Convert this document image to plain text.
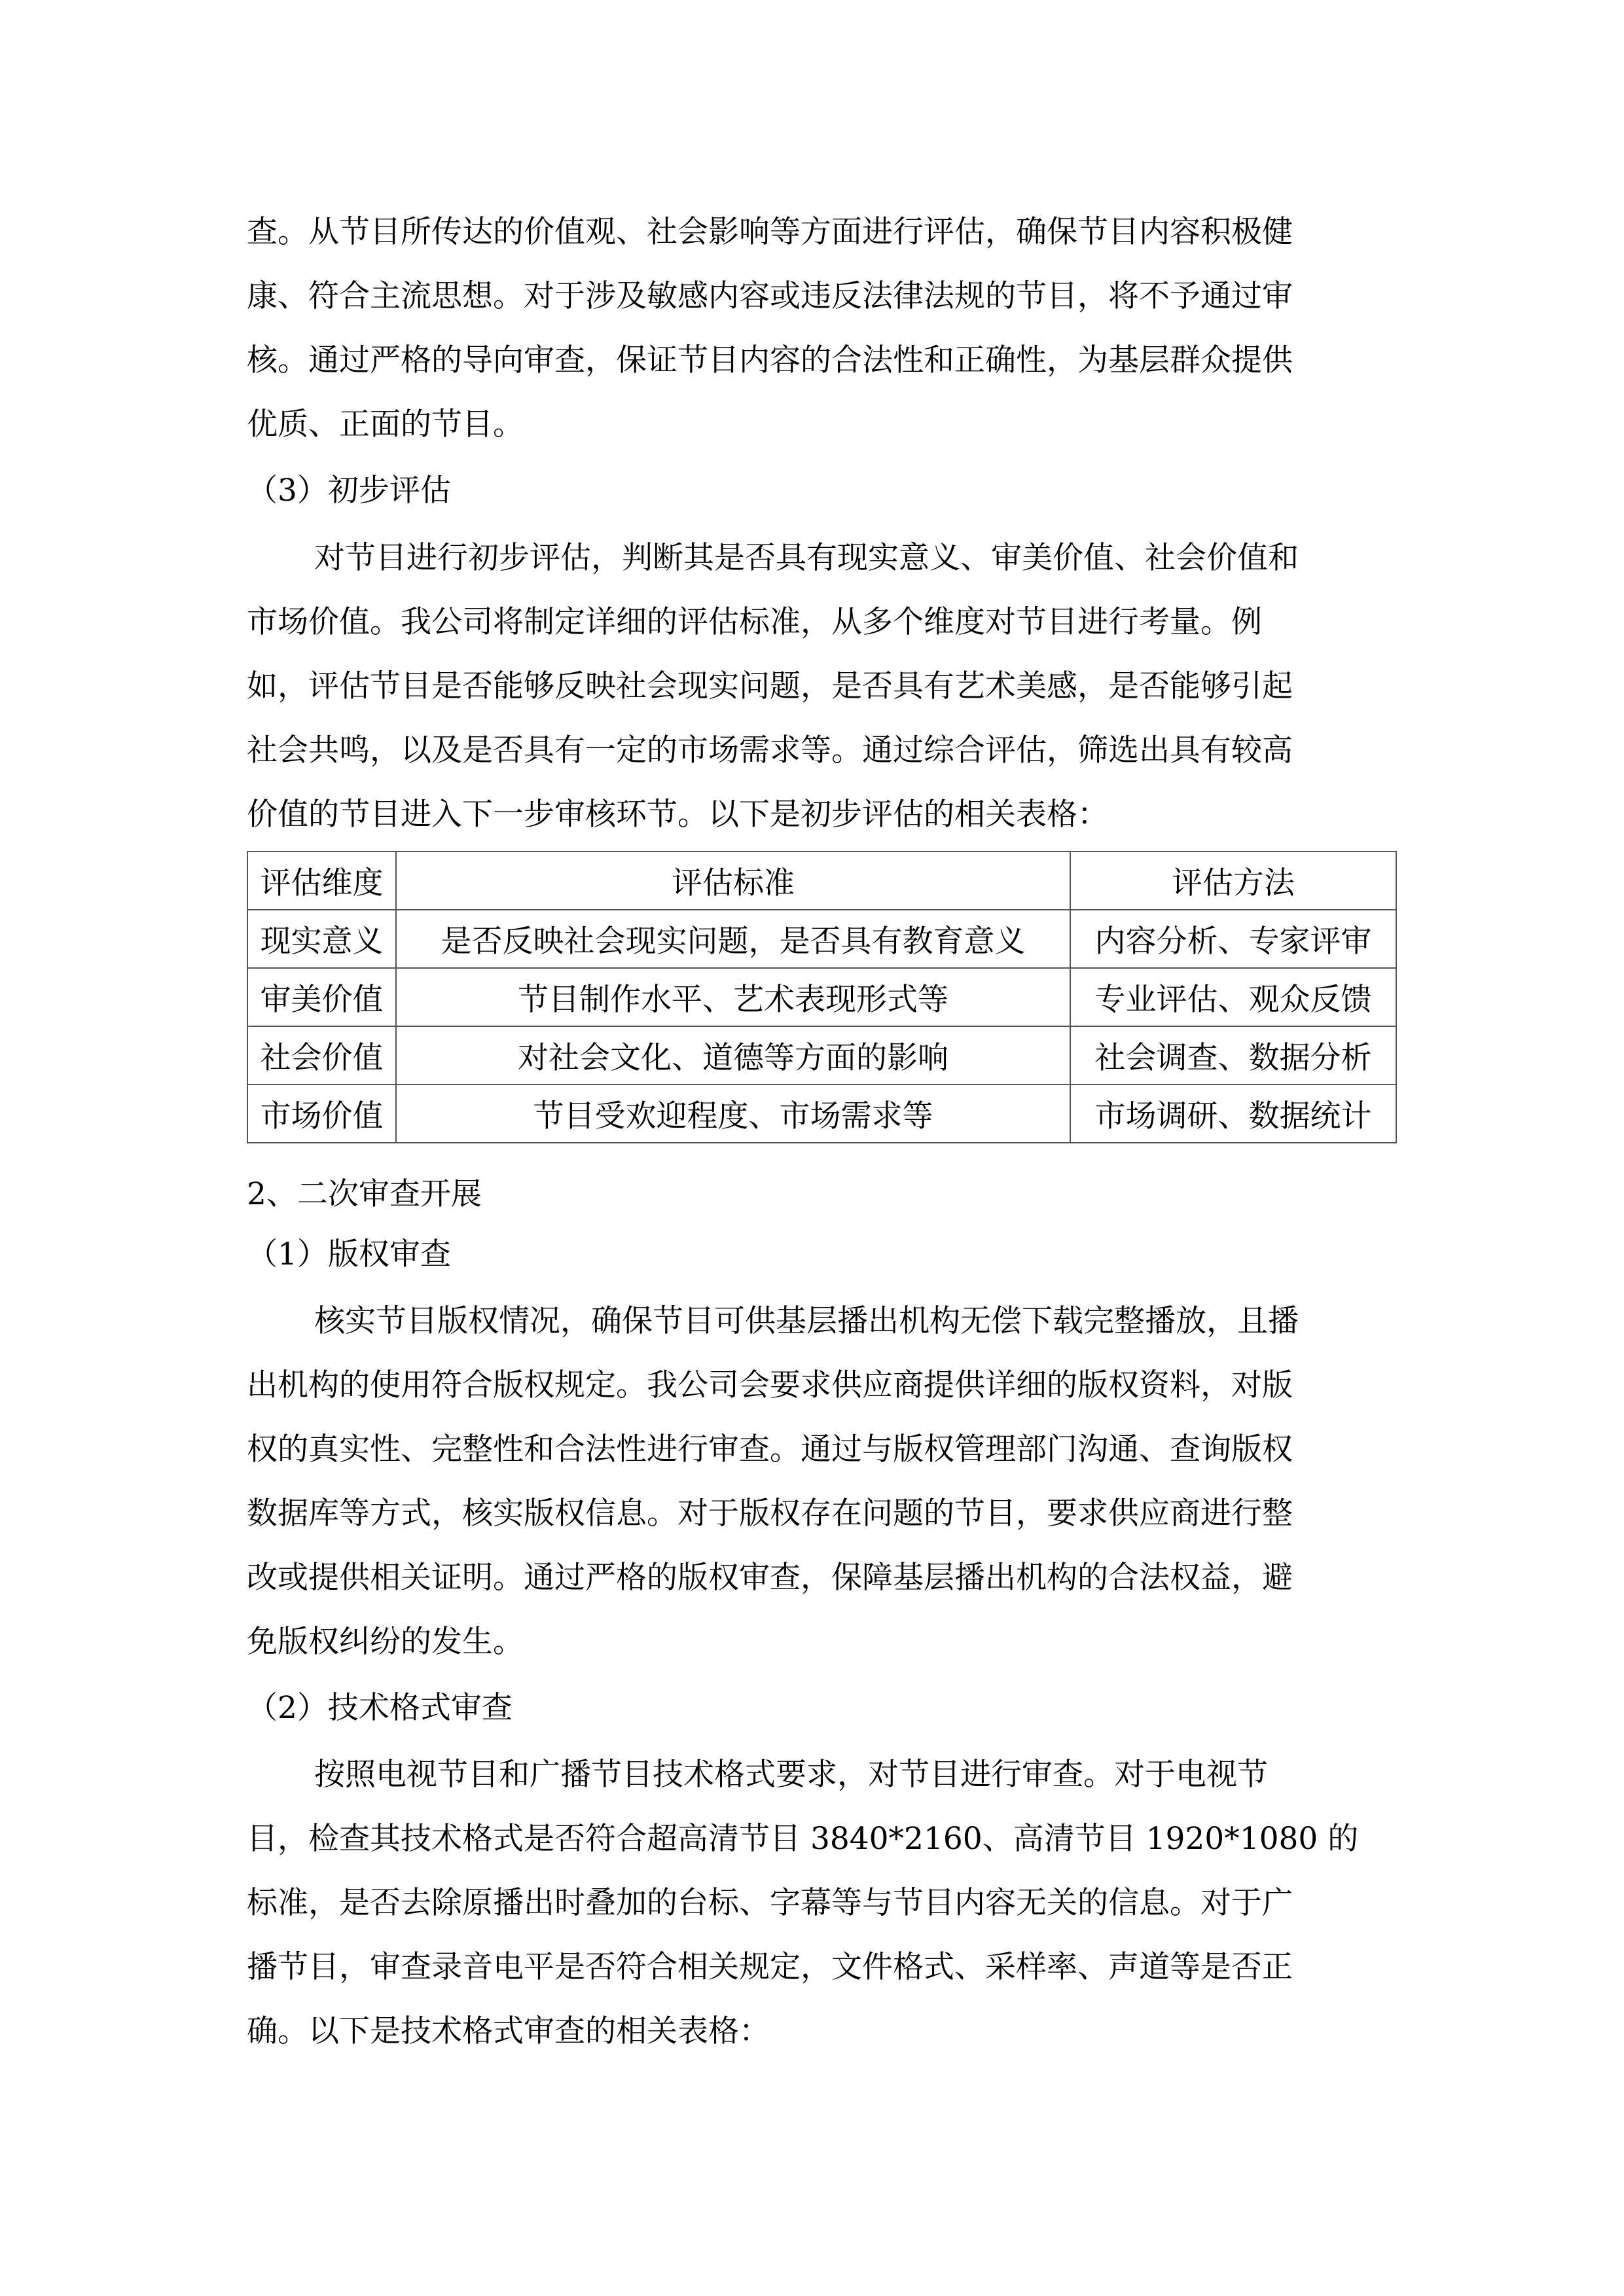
查。从节目所传达的价值观、社会影响等方面进行评估，确保节目内容积极健
康、符合主流思想。对于涉及敏感内容或违反法律法规的节目，将不予通过审
核。通过严格的导向审查，保证节目内容的合法性和正确性，为基层群众提供
优质、正面的节目。
（3）初步评估
对节目进行初步评估，判断其是否具有现实意义、审美价值、社会价值和
市场价值。我公司将制定详细的评估标准，从多个维度对节目进行考量。例
如，评估节目是否能够反映社会现实问题，是否具有艺术美感，是否能够引起
社会共鸣，以及是否具有一定的市场需求等。通过综合评估，筛选出具有较高
价值的节目进入下一步审核环节。以下是初步评估的相关表格：
评估维度	评估标准	评估方法
现实意义	是否反映社会现实问题，是否具有教育意义	内容分析、专家评审
审美价值	节目制作水平、艺术表现形式等	专业评估、观众反馈
社会价值	对社会文化、道德等方面的影响	社会调查、数据分析
市场价值	节目受欢迎程度、市场需求等	市场调研、数据统计
2、二次审查开展
（1）版权审查
核实节目版权情况，确保节目可供基层播出机构无偿下载完整播放，且播
出机构的使用符合版权规定。我公司会要求供应商提供详细的版权资料，对版
权的真实性、完整性和合法性进行审查。通过与版权管理部门沟通、查询版权
数据库等方式，核实版权信息。对于版权存在问题的节目，要求供应商进行整
改或提供相关证明。通过严格的版权审查，保障基层播出机构的合法权益，避
免版权纠纷的发生。
（2）技术格式审查
按照电视节目和广播节目技术格式要求，对节目进行审查。对于电视节
目，检查其技术格式是否符合超高清节目 3840*2160、高清节目 1920*1080 的
标准，是否去除原播出时叠加的台标、字幕等与节目内容无关的信息。对于广
播节目，审查录音电平是否符合相关规定，文件格式、采样率、声道等是否正
确。以下是技术格式审查的相关表格：
